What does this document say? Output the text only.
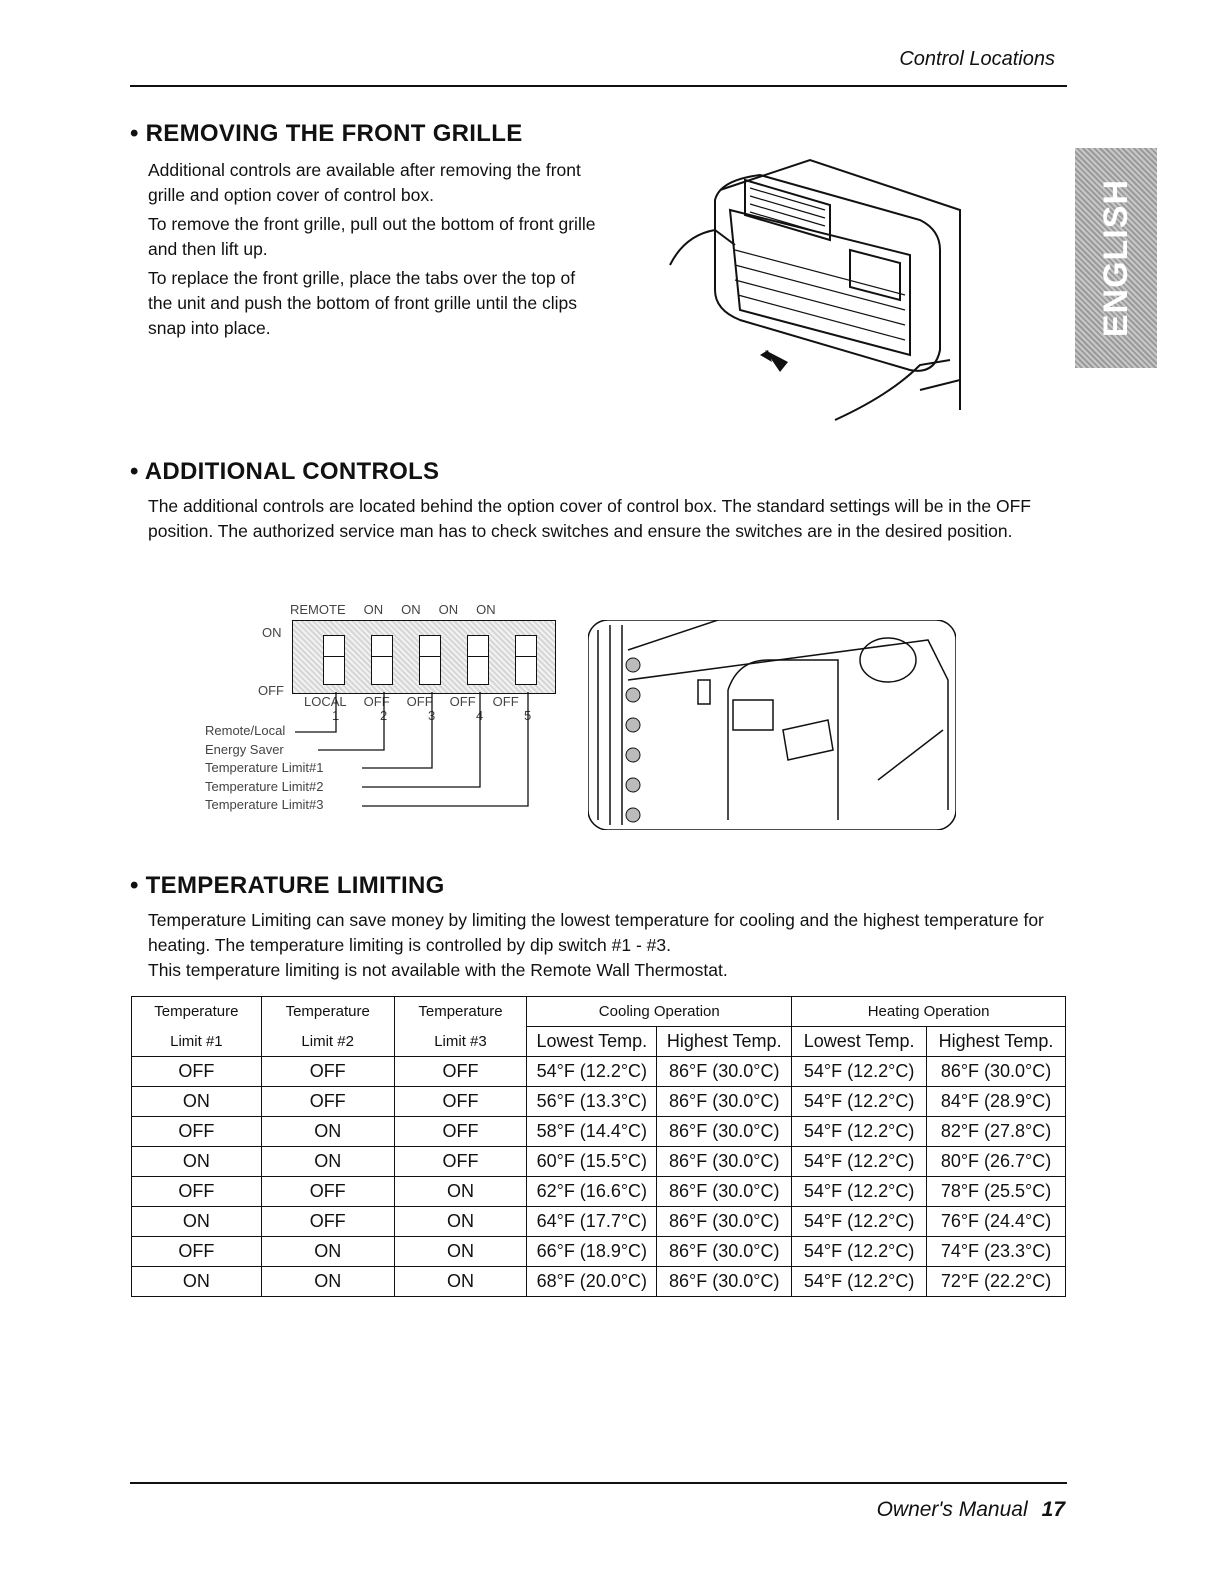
Control Locations
ENGLISH
• REMOVING THE FRONT GRILLE

Additional controls are available after removing the front grille and option cover of control box.

To remove the front grille, pull out the bottom of front grille and then lift up.

To replace the front grille, place the tabs over the top of the unit and push the bottom of front grille until the clips snap into place.

• ADDITIONAL CONTROLS
The additional controls are located behind the option cover of control box. The standard settings will be in the OFF position. The authorized service man has to check switches and ensure the switches are in the desired position.
REMOTE ON ON ON ON
ON
OFF
LOCAL OFF OFF OFF OFF
1	2	3	4	5
Remote/Local
Energy Saver
Temperature Limit#1
Temperature Limit#2
Temperature Limit#3
• TEMPERATURE LIMITING

Temperature Limiting can save money by limiting the lowest temperature for cooling and the highest temperature for heating. The temperature limiting is controlled by dip switch #1 - #3.

This temperature limiting is not available with the Remote Wall Thermostat.

Temperature	Temperature	Temperature	Cooling Operation		Heating Operation	
Limit #1	Limit #2	Limit #3	Lowest Temp.	Highest Temp.	Lowest Temp.	Highest Temp.
OFF	OFF	OFF	54°F (12.2°C)	86°F (30.0°C)	54°F (12.2°C)	86°F (30.0°C)
ON	OFF	OFF	56°F (13.3°C)	86°F (30.0°C)	54°F (12.2°C)	84°F (28.9°C)
OFF	ON	OFF	58°F (14.4°C)	86°F (30.0°C)	54°F (12.2°C)	82°F (27.8°C)
ON	ON	OFF	60°F (15.5°C)	86°F (30.0°C)	54°F (12.2°C)	80°F (26.7°C)
OFF	OFF	ON	62°F (16.6°C)	86°F (30.0°C)	54°F (12.2°C)	78°F (25.5°C)
ON	OFF	ON	64°F (17.7°C)	86°F (30.0°C)	54°F (12.2°C)	76°F (24.4°C)
OFF	ON	ON	66°F (18.9°C)	86°F (30.0°C)	54°F (12.2°C)	74°F (23.3°C)
ON	ON	ON	68°F (20.0°C)	86°F (30.0°C)	54°F (12.2°C)	72°F (22.2°C)
Owner's Manual 17
